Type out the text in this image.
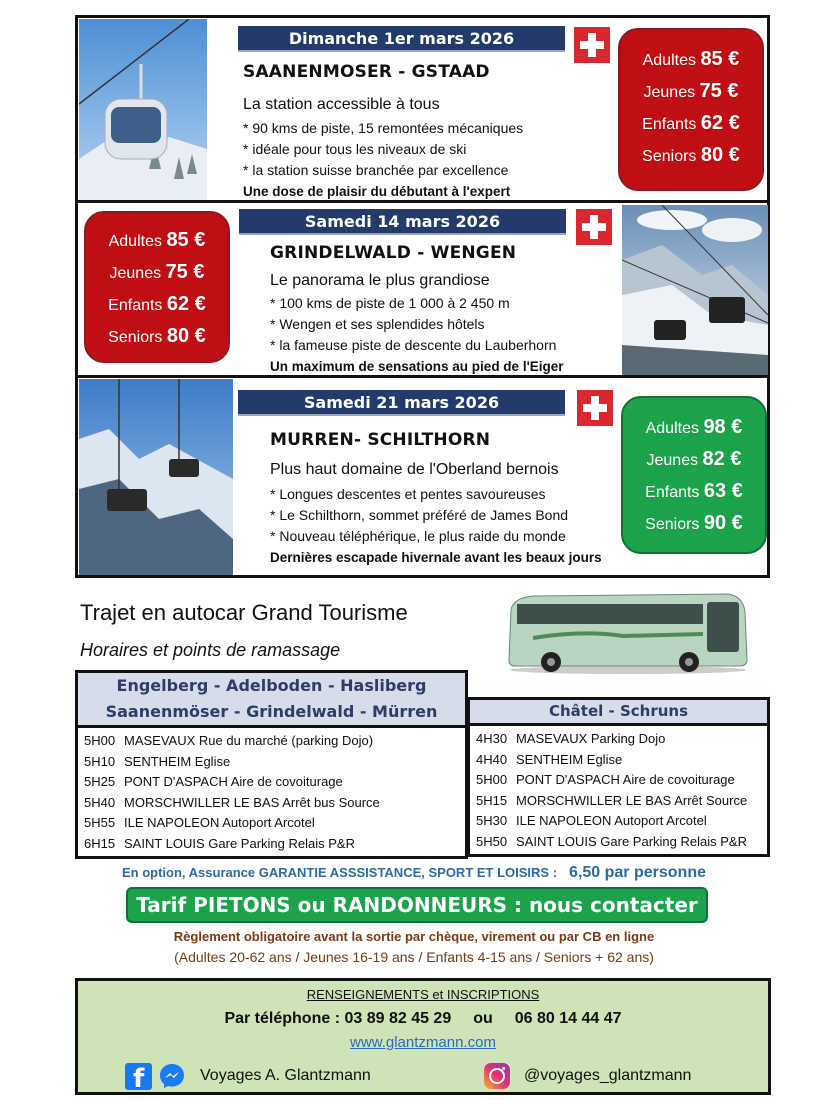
Dimanche 1er mars 2026
SAANENMOSER - GSTAAD
La station accessible à tous
* 90 kms de piste, 15 remontées mécaniques
* idéale pour tous les niveaux de ski
* la station suisse branchée par excellence
Une dose de plaisir du débutant à l'expert
Adultes 85 €
Jeunes 75 €
Enfants 62 €
Seniors 80 €
Adultes 85 €
Jeunes 75 €
Enfants 62 €
Seniors 80 €
Samedi 14 mars 2026
GRINDELWALD - WENGEN
Le panorama le plus grandiose
* 100 kms de piste de 1 000 à 2 450 m
* Wengen et ses splendides hôtels
* la fameuse piste de descente du Lauberhorn
Un maximum de sensations au pied de l'Eiger
Samedi 21 mars 2026
MURREN- SCHILTHORN
Plus haut domaine de l'Oberland bernois
* Longues descentes et pentes savoureuses
* Le Schilthorn, sommet préféré de James Bond
* Nouveau téléphérique, le plus raide du monde
Dernières escapade hivernale avant les beaux jours
Adultes 98 €
Jeunes 82 €
Enfants 63 €
Seniors 90 €
Trajet en autocar Grand Tourisme
Horaires et points de ramassage
Engelberg - Adelboden - Hasliberg
Saanenmöser - Grindelwald - Mürren
5H00 MASEVAUX Rue du marché (parking Dojo)
5H10 SENTHEIM Eglise
5H25 PONT D'ASPACH Aire de covoiturage
5H40 MORSCHWILLER LE BAS Arrêt bus Source
5H55 ILE NAPOLEON Autoport Arcotel
6H15 SAINT LOUIS Gare Parking Relais P&R
Châtel - Schruns
4H30 MASEVAUX Parking Dojo
4H40 SENTHEIM Eglise
5H00 PONT D'ASPACH Aire de covoiturage
5H15 MORSCHWILLER LE BAS Arrêt Source
5H30 ILE NAPOLEON Autoport Arcotel
5H50 SAINT LOUIS Gare Parking Relais P&R
En option, Assurance GARANTIE ASSSISTANCE, SPORT ET LOISIRS : 6,50 par personne
Tarif PIETONS ou RANDONNEURS : nous contacter
Règlement obligatoire avant la sortie par chèque, virement ou par CB en ligne
(Adultes 20-62 ans / Jeunes 16-19 ans / Enfants 4-15 ans / Seniors + 62 ans)
RENSEIGNEMENTS et INSCRIPTIONS
Par téléphone : 03 89 82 45 29 ou 06 80 14 44 47
www.glantzmann.com
f
Voyages A. Glantzmann	@voyages_glantzmann
